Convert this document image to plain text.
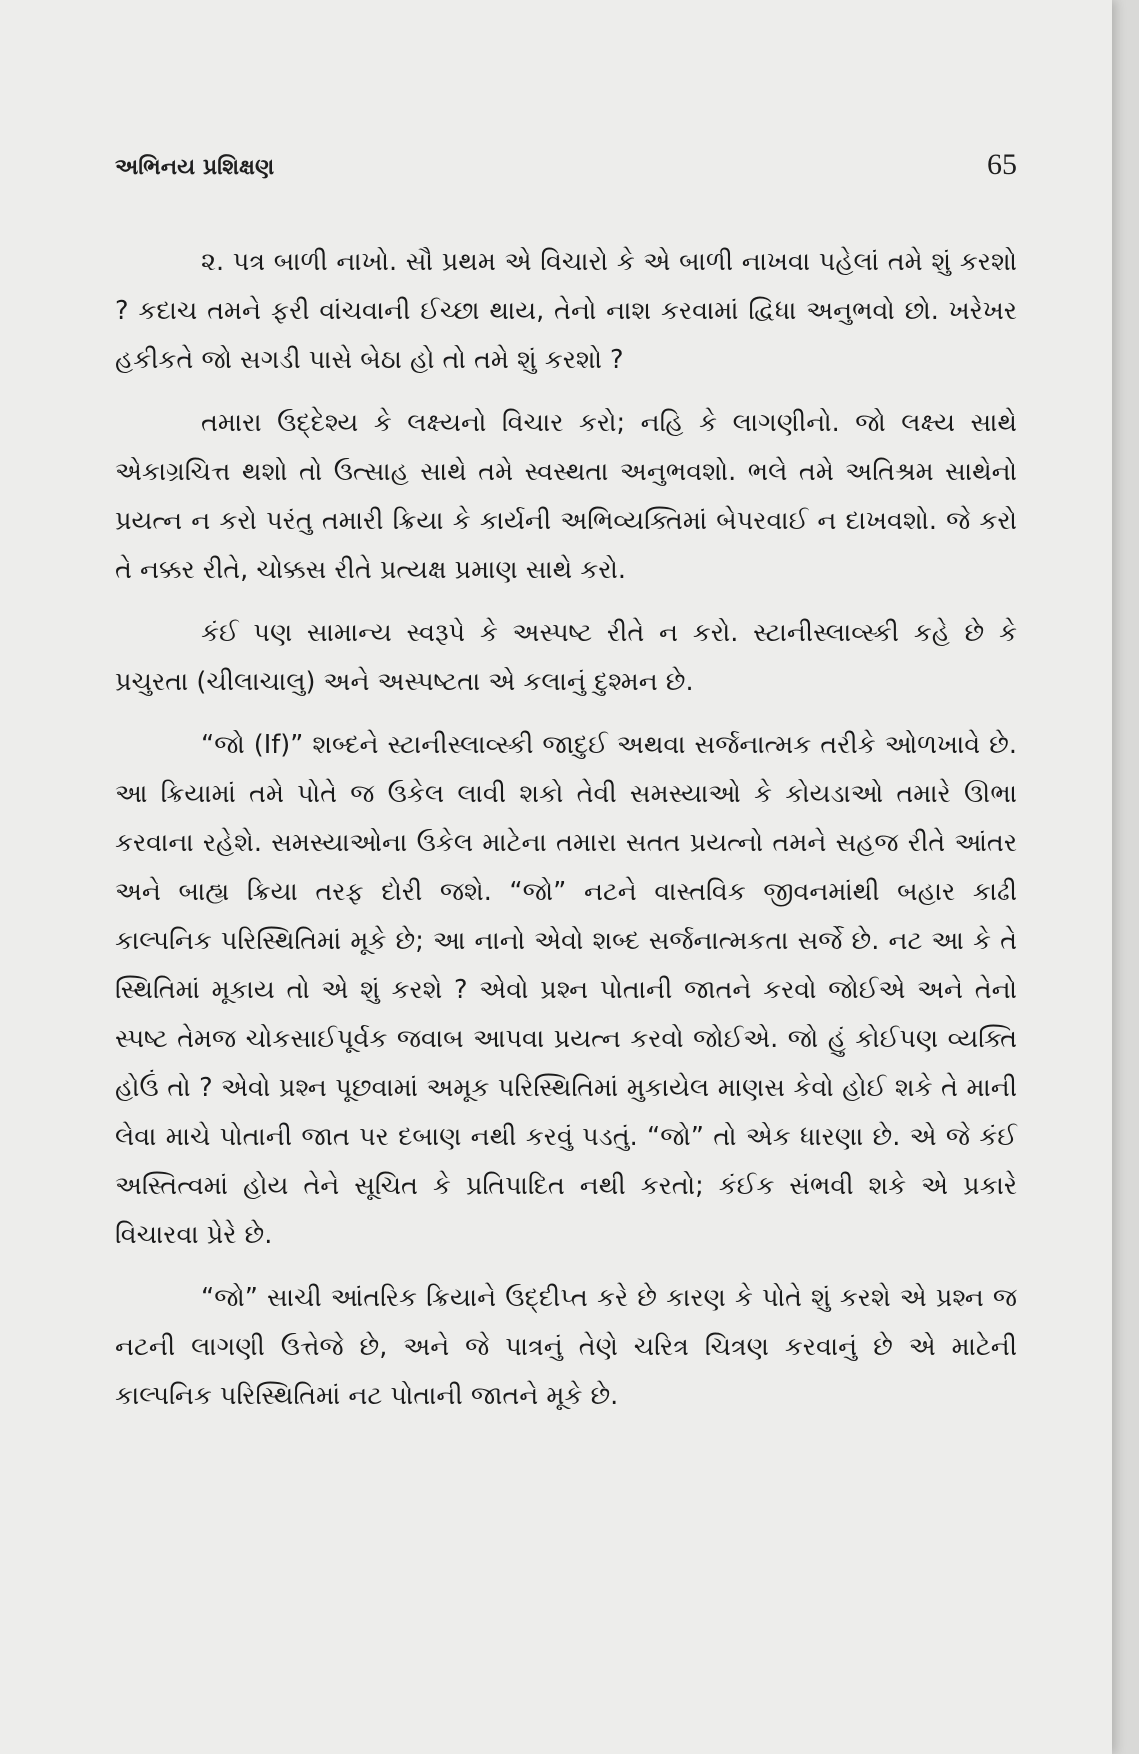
અભિનય પ્રશિક્ષણ	65

૨. પત્ર બાળી નાખો. સૌ પ્રથમ એ વિચારો કે એ બાળી નાખવા પહેલાં તમે શું કરશો ? કદાચ તમને ફરી વાંચવાની ઈચ્છા થાય, તેનો નાશ કરવામાં દ્વિધા અનુભવો છો. ખરેખર હકીકતે જો સગડી પાસે બેઠા હો તો તમે શું કરશો ?

તમારા ઉદ્દેશ્ય કે લક્ષ્યનો વિચાર કરો; નહિ કે લાગણીનો. જો લક્ષ્ય સાથે એકાગ્રચિત્ત થશો તો ઉત્સાહ સાથે તમે સ્વસ્થતા અનુભવશો. ભલે તમે અતિશ્રમ સાથેનો પ્રયત્ન ન કરો પરંતુ તમારી ક્રિયા કે કાર્યની અભિવ્યક્તિમાં બેપરવાઈ ન દાખવશો. જે કરો તે નક્કર રીતે, ચોક્કસ રીતે પ્રત્યક્ષ પ્રમાણ સાથે કરો.

કંઈ પણ સામાન્ય સ્વરૂપે કે અસ્પષ્ટ રીતે ન કરો. સ્ટાનીસ્લાવ્સ્કી કહે છે કે પ્રચુરતા (ચીલાચાલુ) અને અસ્પષ્ટતા એ કલાનું દુશ્મન છે.

“જો (If)” શબ્દને સ્ટાનીસ્લાવ્સ્કી જાદુઈ અથવા સર્જનાત્મક તરીકે ઓળખાવે છે. આ ક્રિયામાં તમે પોતે જ ઉકેલ લાવી શકો તેવી સમસ્યાઓ કે કોયડાઓ તમારે ઊભા કરવાના રહેશે. સમસ્યાઓના ઉકેલ માટેના તમારા સતત પ્રયત્નો તમને સહજ રીતે આંતર અને બાહ્ય ક્રિયા તરફ દોરી જશે. “જો” નટને વાસ્તવિક જીવનમાંથી બહાર કાઢી કાલ્પનિક પરિસ્થિતિમાં મૂકે છે; આ નાનો એવો શબ્દ સર્જનાત્મકતા સર્જે છે. નટ આ કે તે સ્થિતિમાં મૂકાય તો એ શું કરશે ? એવો પ્રશ્ન પોતાની જાતને કરવો જોઈએ અને તેનો સ્પષ્ટ તેમજ ચોકસાઈપૂર્વક જવાબ આપવા પ્રયત્ન કરવો જોઈએ. જો હું કોઈપણ વ્યક્તિ હોઉં તો ? એવો પ્રશ્ન પૂછવામાં અમૂક પરિસ્થિતિમાં મુકાયેલ માણસ કેવો હોઈ શકે તે માની લેવા માચે પોતાની જાત પર દબાણ નથી કરવું પડતું. “જો” તો એક ધારણા છે. એ જે કંઈ અસ્તિત્વમાં હોય તેને સૂચિત કે પ્રતિપાદિત નથી કરતો; કંઈક સંભવી શકે એ પ્રકારે વિચારવા પ્રેરે છે.

“જો” સાચી આંતરિક ક્રિયાને ઉદ્દીપ્ત કરે છે કારણ કે પોતે શું કરશે એ પ્રશ્ન જ નટની લાગણી ઉત્તેજે છે, અને જે પાત્રનું તેણે ચરિત્ર ચિત્રણ કરવાનું છે એ માટેની કાલ્પનિક પરિસ્થિતિમાં નટ પોતાની જાતને મૂકે છે.
